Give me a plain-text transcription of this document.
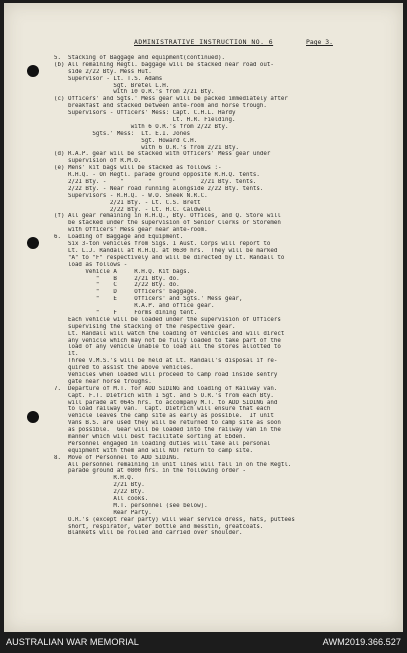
ADMINISTRATIVE INSTRUCTION NO. 6	Page 3.
5.  Stacking of Baggage and equipment(continued).
(b) All remaining Regtl. baggage will be stacked near road out-
side 2/22 Bty. Mess Hut.
Supervisor - Lt. T.S. Adams
Sgt. Bretel L.H.
with 10 O.R.'s from 2/21 Bty.
(c) Officers' and Sgts.' Mess gear will be packed immediately after
breakfast and stacked between ante-room and horse trough.
Supervisors - Officers' Mess: Capt. C.H.L. Hardy
Lt. H.R. Fielding.
with 6 O.R.'s from 2/22 Bty.
Sgts.' Mess:  Lt. E.I. Jones
Sgt. Howard C.H.
with 6 O.R.'s from 2/21 Bty.
(d) R.A.P. gear will be stacked with Officers' Mess gear under
supervision of R.M.O.
(e) Mens' kit bags will be stacked as follows :-
R.H.Q. - On Regtl. parade ground opposite R.H.Q. tents.
2/21 Bty. -    "       "      "       2/21 Bty. tents.
2/22 Bty. - Near road running alongside 2/22 Bty. tents.
Supervisors - R.H.Q. - W.O. Sneek N.R.C.
2/21 Bty. - Lt. C.S. Brett
2/22 Bty. - Lt. H.C. Caldwell
(f) All gear remaining in R.H.Q., Bty. Offices, and Q. Store will
be stacked under the supervision of Senior Clerks or Storemen
with Officers' Mess gear near ante-room.
6.  Loading of Baggage and Equipment.
Six 3-ton vehicles from Sigs. 1 Aust. Corps will report to
Lt. L.J. Randall at R.H.Q. at 0630 hrs.  They will be marked
"A" to "F" respectively and will be directed by Lt. Randall to
load as follows -
Vehicle A     R.H.Q. Kit bags.
"    B     2/21 Bty. do.
"    C     2/22 Bty. do.
"    D     Officers' baggage.
"    E     Officers' and Sgts.' Mess gear,
R.A.P. and office gear.
"    F     Forms dining tent.
Each vehicle will be loaded under the supervision of Officers
supervising the stacking of the respective gear.
Lt. Randall will watch the loading of vehicles and will direct
any vehicle which may not be fully loaded to take part of the
load of any vehicle unable to load all the stores allotted to
it.
Three V.M.S.'s will be held at Lt. Randall's disposal if re-
quired to assist the above vehicles.
Vehicles when loaded will proceed to Camp road inside sentry
gate near horse troughs.
7.  Departure of M.T. for ADD SIDING and loading of Railway van.
Capt. F.T. Dietrich with 1 Sgt. and 5 O.R.'s from each Bty.
will parade at 0645 hrs. to accompany M.T. to ADD SIDING and
to load railway van.  Capt. Dietrich will ensure that each
vehicle leaves the camp site as early as possible.  If unit
Vans B.S. are used they will be returned to camp site as soon
as possible.  Gear will be loaded into the railway van in the
manner which will best facilitate sorting at Ebden.
Personnel engaged in loading duties will take all personal
equipment with them and will NOT return to camp site.
8.  Move of Personnel to ADD SIDING.
All personnel remaining in unit lines will fall in on the Regtl.
parade ground at 0800 hrs. in the following order -
R.H.Q.
2/21 Bty.
2/22 Bty.
All cooks.
M.T. personnel (see below).
Rear Party.
O.R.'s (except rear party) will wear service dress, hats, puttees
short, respirator, water bottle and messtin, greatcoats.
Blankets will be rolled and carried over shoulder.
AUSTRALIAN WAR MEMORIAL	AWM2019.366.527
